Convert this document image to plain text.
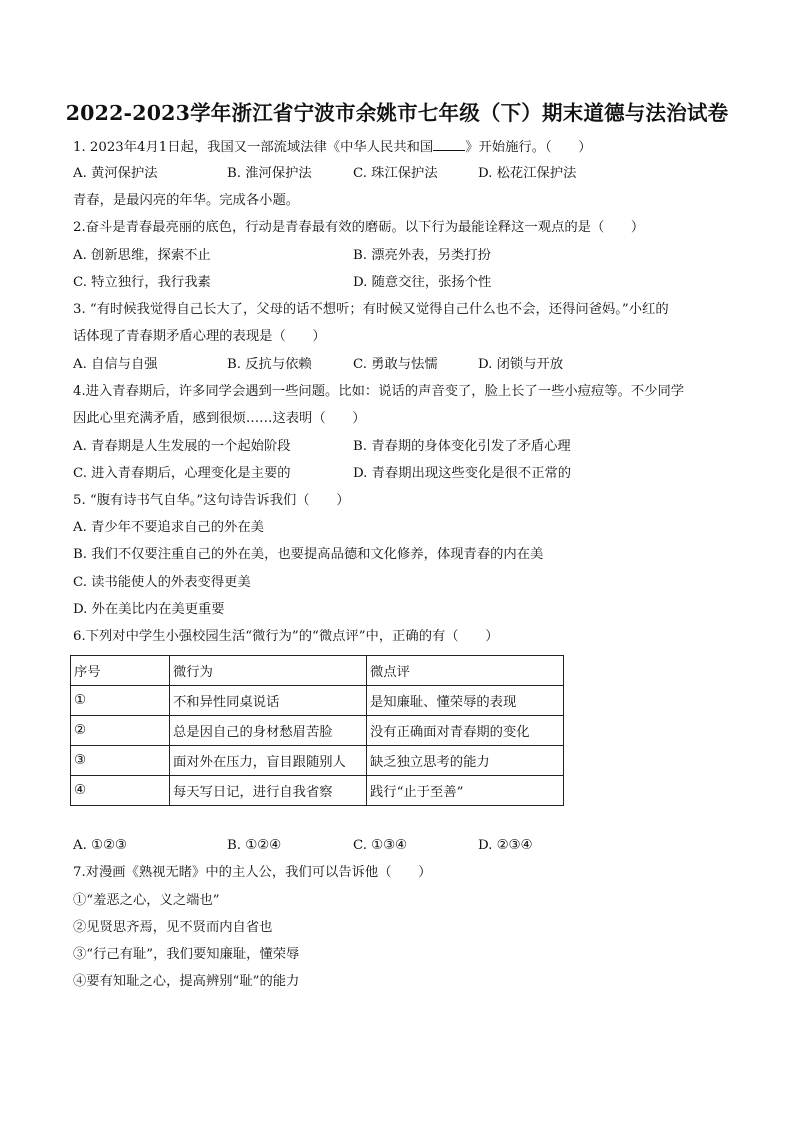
2022-2023学年浙江省宁波市余姚市七年级（下）期末道德与法治试卷
1. 2023年4月1日起，我国又一部流域法律《中华人民共和国 》开始施行。（　　）
A. 黄河保护法	B. 淮河保护法	C. 珠江保护法	D. 松花江保护法
青春，是最闪亮的年华。完成各小题。
2.奋斗是青春最亮丽的底色，行动是青春最有效的磨砺。以下行为最能诠释这一观点的是（　　）
A. 创新思维，探索不止	B. 漂亮外表，另类打扮
C. 特立独行，我行我素	D. 随意交往，张扬个性
3. “有时候我觉得自己长大了，父母的话不想听；有时候又觉得自己什么也不会，还得问爸妈。”小红的
话体现了青春期矛盾心理的表现是（　　）
A. 自信与自强	B. 反抗与依赖	C. 勇敢与怯懦	D. 闭锁与开放
4.进入青春期后，许多同学会遇到一些问题。比如：说话的声音变了，脸上长了一些小痘痘等。不少同学
因此心里充满矛盾，感到很烦……这表明（　　）
A. 青春期是人生发展的一个起始阶段	B. 青春期的身体变化引发了矛盾心理
C. 进入青春期后，心理变化是主要的	D. 青春期出现这些变化是很不正常的
5. “腹有诗书气自华。”这句诗告诉我们（　　）
A. 青少年不要追求自己的外在美
B. 我们不仅要注重自己的外在美，也要提高品德和文化修养，体现青春的内在美
C. 读书能使人的外表变得更美
D. 外在美比内在美更重要
6.下列对中学生小强校园生活“微行为”的“微点评”中，正确的有（　　）
序号	微行为	微点评
①	不和异性同桌说话	是知廉耻、懂荣辱的表现
②	总是因自己的身材愁眉苦脸	没有正确面对青春期的变化
③	面对外在压力，盲目跟随别人	缺乏独立思考的能力
④	每天写日记，进行自我省察	践行“止于至善”
A. ①②③	B. ①②④	C. ①③④	D. ②③④
7.对漫画《熟视无睹》中的主人公，我们可以告诉他（　　）
①“羞恶之心，义之端也”
②见贤思齐焉，见不贤而内自省也
③“行己有耻”，我们要知廉耻，懂荣辱
④要有知耻之心，提高辨别“耻”的能力
